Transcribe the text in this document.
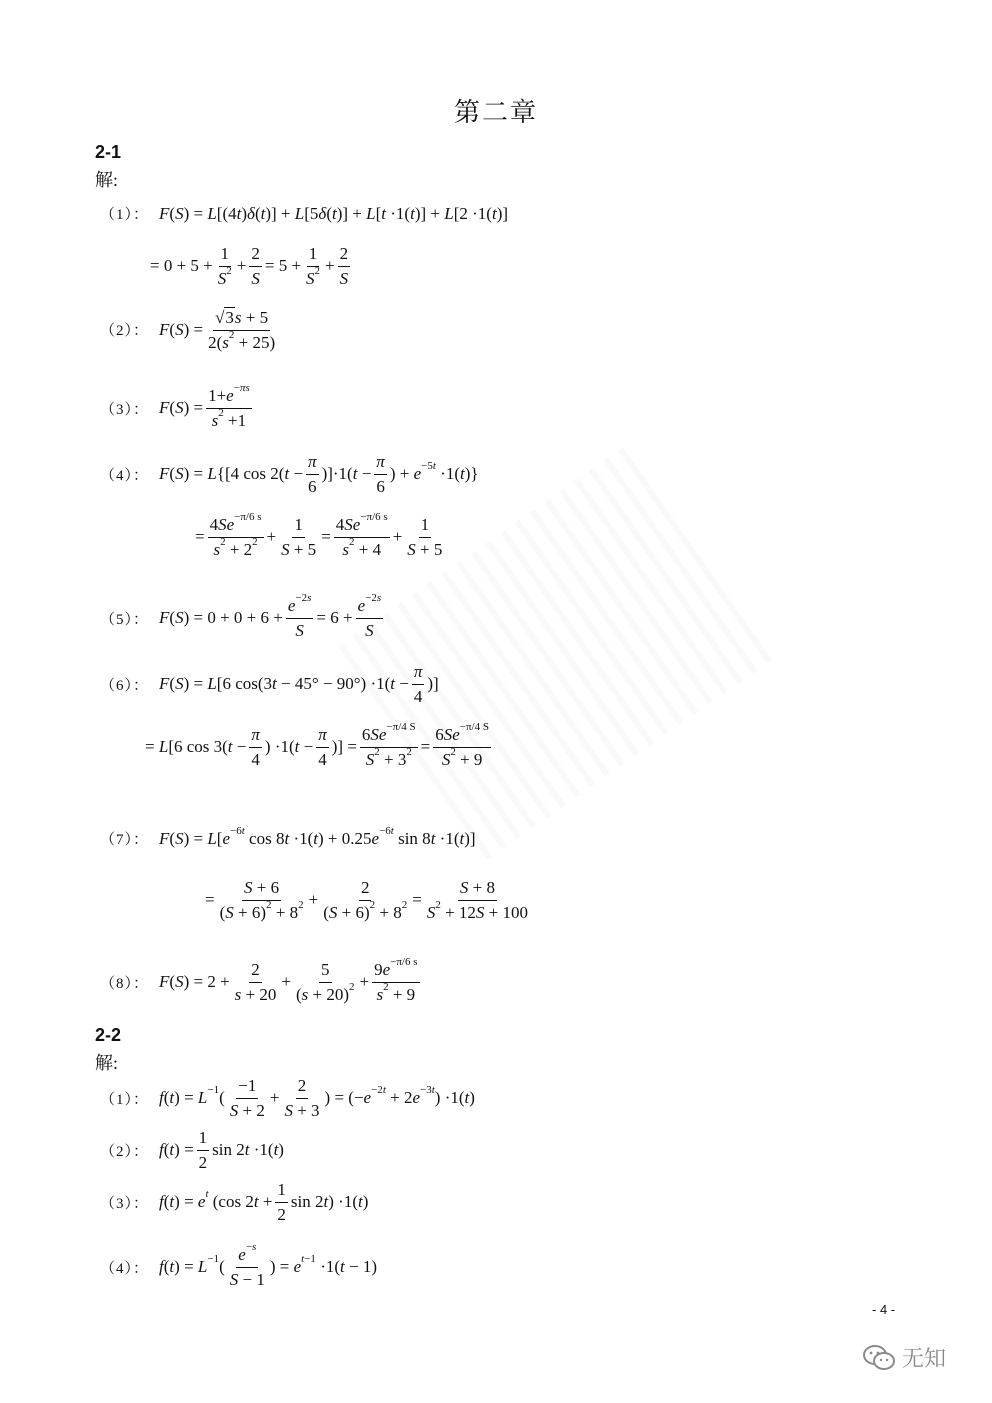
第二章
2-1
解:
（1）： F(S) = L[(4t)δ(t)] + L[5δ(t)] + L[t ·1(t)] + L[2 ·1(t)]
= $0 + 5 + \frac{1}{S^2} + \frac{2}{S} = 5 + \frac{1}{S^2} + \frac{2}{S}$
（2）： $F(S) = \frac{√3s + 5}{2(s^2 + 25)}$
（3）： $F(S) = \frac{1+e^{-\pi s}}{s^2 +1}$
（4）： F(S) = L{[4 $\cos 2(t - \frac{\pi}{6} )]\cdot 1(t - \frac{\pi}{6}$ ) + $e^{-5t} \cdot 1(t)$}
= $\frac{4Se^{-\pi/6 s}}{s^2 + 2^2} + \frac{1}{S + 5} = \frac{4Se^{-\pi/6 s}}{s^2 + 4} + \frac{1}{S + 5}$
（5）： $F(S) = 0 + 0 + 6 + \frac{e^{-2s}}{S} = 6 + \frac{e^{-2s}}{S}$
（6）： F(S) = L[6 $\cos(3t - 45^\circ - 90^\circ) \cdot 1(t - \frac{\pi}{4}$ )]
= L[6 $\cos 3(t - \frac{\pi}{4}$ ) $\cdot 1(t - \frac{\pi}{4}$ )] = $\frac{6Se^{-\pi/4 S}}{S^2 + 3^2} = \frac{6Se^{-\pi/4 S}}{S^2 + 9}$
（7）： $F(S) = L[e^{-6t}$ $\cos 8t \cdot 1(t) + 0.25e^{-6t}$ sin 8t ·1(t)]
= $\frac{S + 6}{(S + 6)^2 + 8^2} + \frac{2}{(S + 6)^2 + 8^2} = \frac{S + 8}{S^2 + 12S + 100}$
（8）： $F(S) = 2 + \frac{2}{s + 20} + \frac{5}{(s + 20)^2} + \frac{9e^{-\pi/6 s}}{s^2 + 9}$
2-2
解:
（1）： $f(t) = L^{-1}( \frac{-1}{S + 2} + \frac{2}{S + 3}$ ) = $(-e^{-2t} + 2e^{-3t}) \cdot 1(t)$
（2）： $f(t) = \frac{1}{2}$ sin 2t ·1(t)
（3）： $f(t) = e^t$ (cos $2t + \frac{1}{2}$ sin 2t) ·1(t)
（4）： $f(t) = L^{-1}( \frac{e^{-s}}{S - 1}$ ) = $e^{t-1} \cdot 1(t - 1)$
- 4 -
无知
